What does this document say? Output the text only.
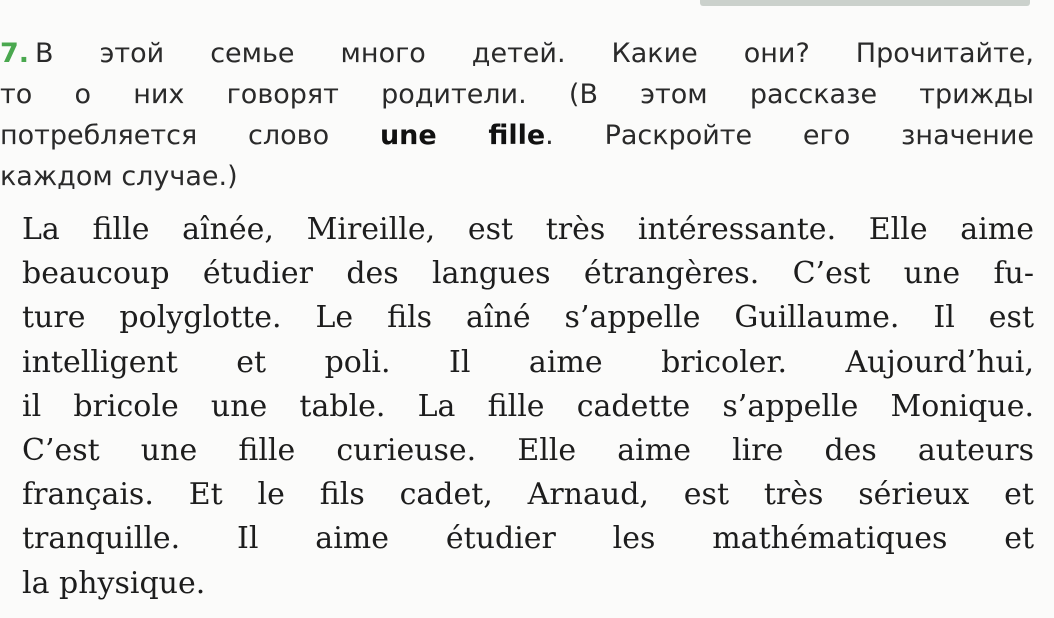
7. В этой семье много детей. Какие они? Прочитайте,
то о них говорят родители. (В этом рассказе трижды
потребляется слово une fille. Раскройте его значение
каждом случае.)
La fille aînée, Mireille, est très intéressante. Elle aime
beaucoup étudier des langues étrangères. C’est une fu-
ture polyglotte. Le fils aîné s’appelle Guillaume. Il est
intelligent et poli. Il aime bricoler. Aujourd’hui,
il bricole une table. La fille cadette s’appelle Monique.
C’est une fille curieuse. Elle aime lire des auteurs
français. Et le fils cadet, Arnaud, est très sérieux et
tranquille. Il aime étudier les mathématiques et
la physique.
